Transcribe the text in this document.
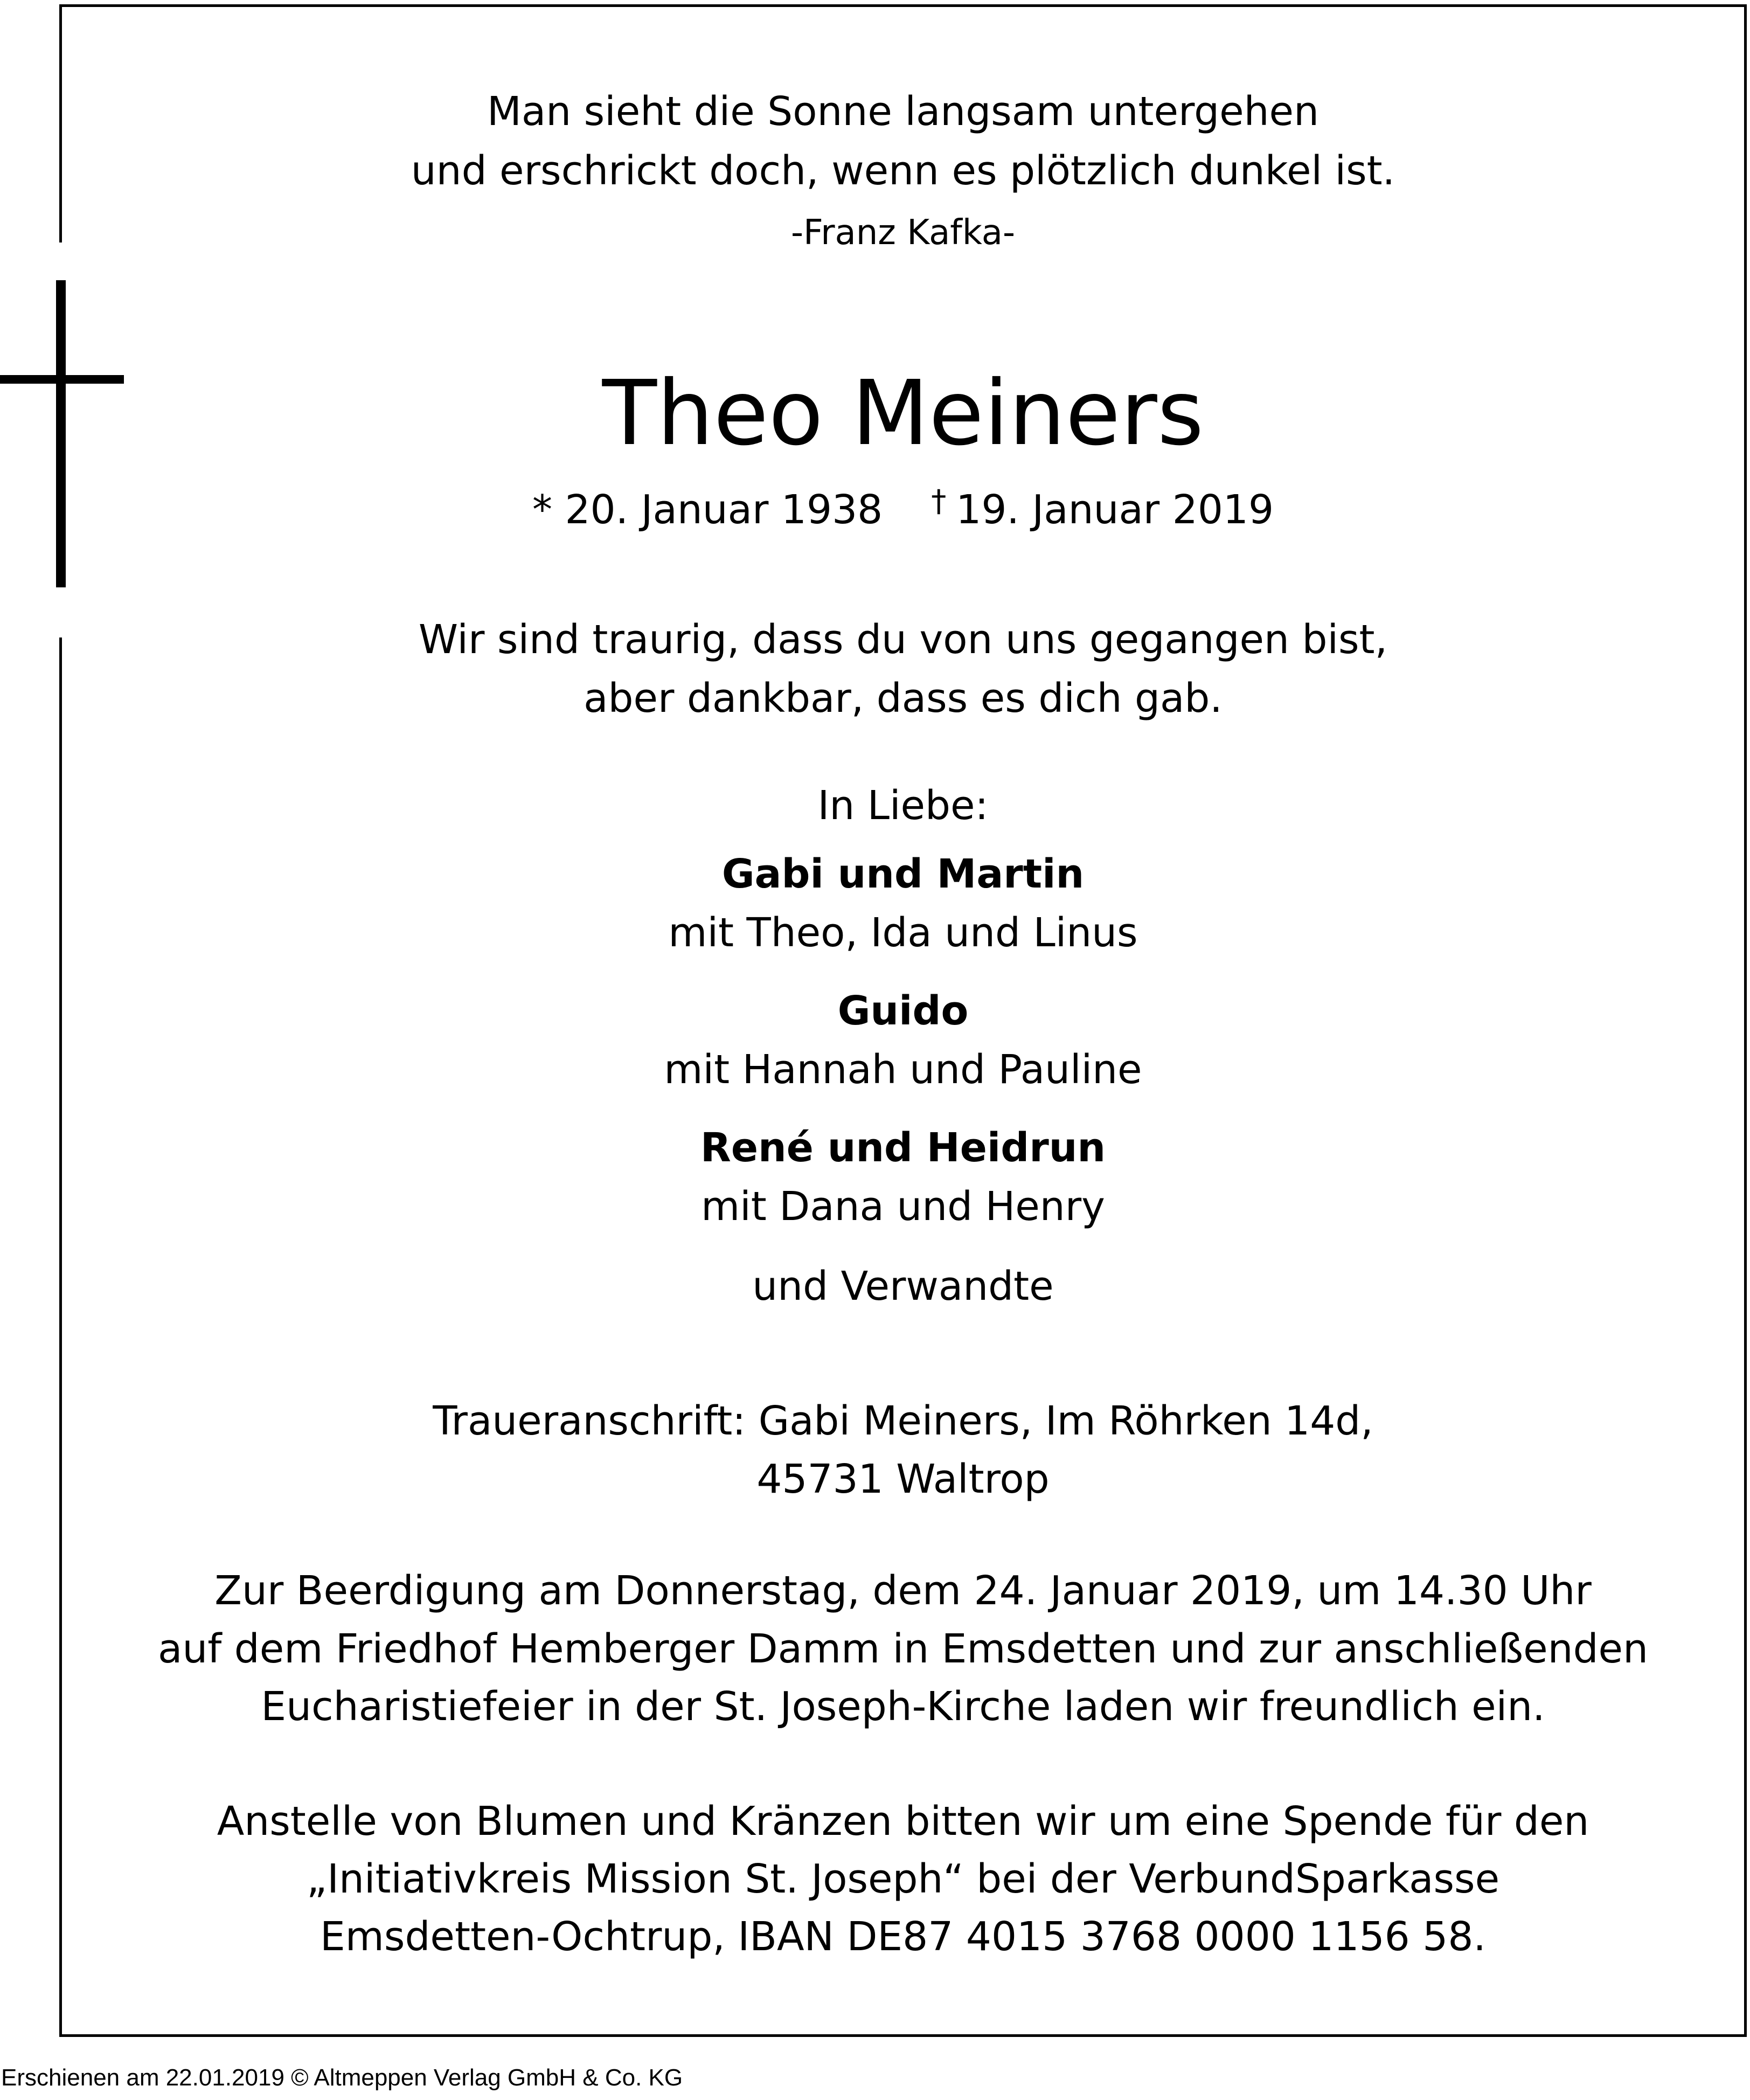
Man sieht die Sonne langsam untergehen
und erschrickt doch, wenn es plötzlich dunkel ist.
-Franz Kafka-
Theo Meiners
* 20. Januar 1938 † 19. Januar 2019
Wir sind traurig, dass du von uns gegangen bist,
aber dankbar, dass es dich gab.
In Liebe:
Gabi und Martin
mit Theo, Ida und Linus
Guido
mit Hannah und Pauline
René und Heidrun
mit Dana und Henry
und Verwandte
Traueranschrift: Gabi Meiners, Im Röhrken 14d,
45731 Waltrop
Zur Beerdigung am Donnerstag, dem 24. Januar 2019, um 14.30 Uhr
auf dem Friedhof Hemberger Damm in Emsdetten und zur anschließenden
Eucharistiefeier in der St. Joseph-Kirche laden wir freundlich ein.
Anstelle von Blumen und Kränzen bitten wir um eine Spende für den
„Initiativkreis Mission St. Joseph“ bei der VerbundSparkasse
Emsdetten-Ochtrup, IBAN DE87 4015 3768 0000 1156 58.
Erschienen am 22.01.2019 © Altmeppen Verlag GmbH & Co. KG
